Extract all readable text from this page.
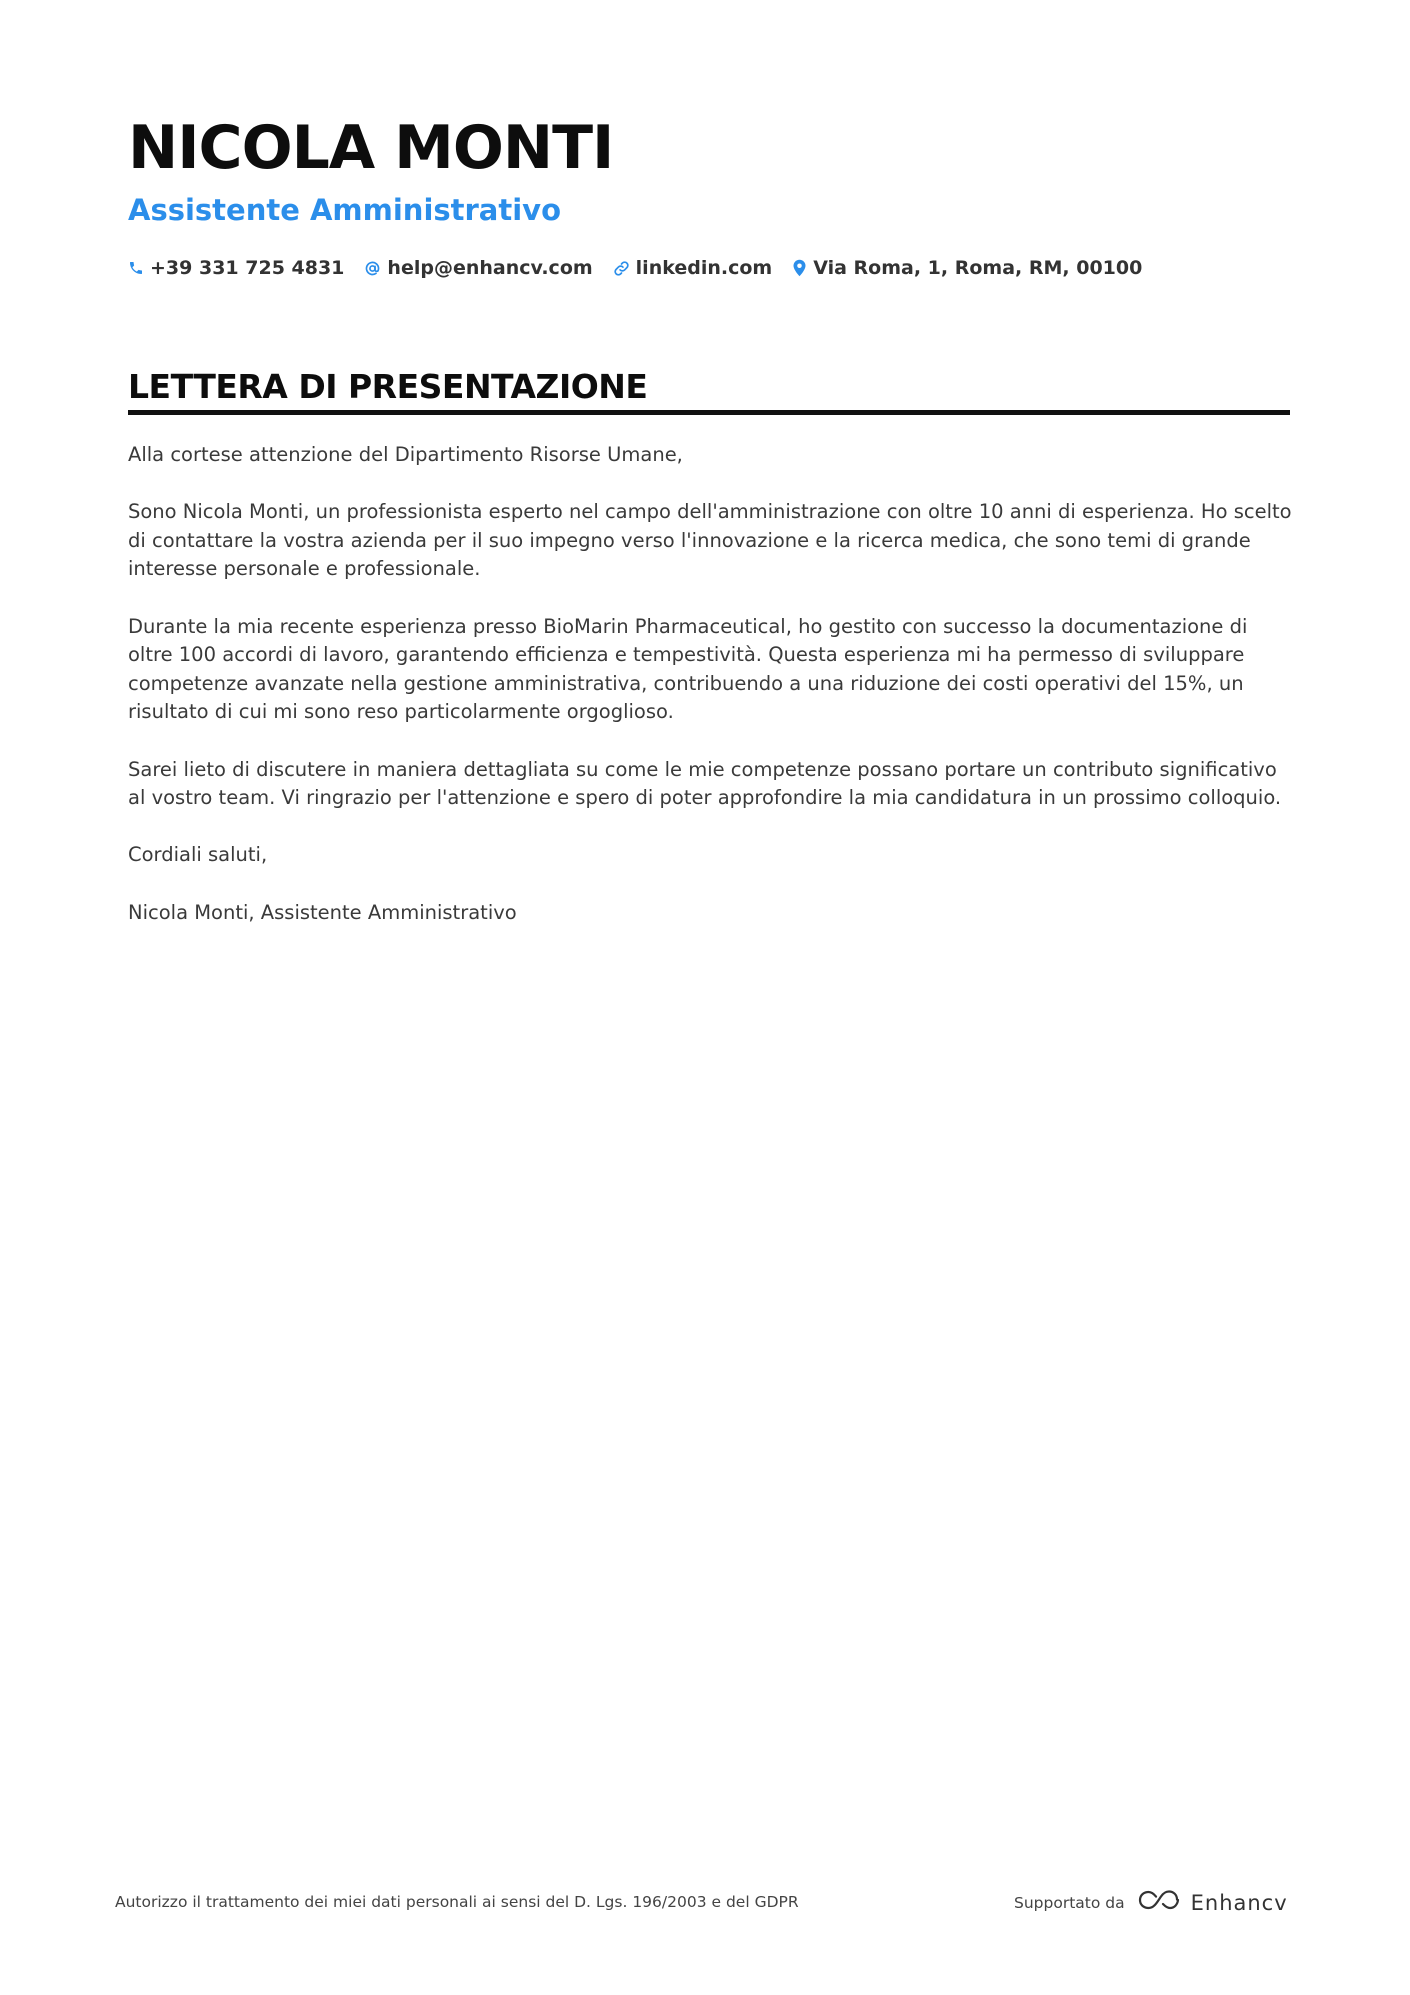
NICOLA MONTI
Assistente Amministrativo
+39 331 725 4831 help@enhancv.com linkedin.com Via Roma, 1, Roma, RM, 00100
LETTERA DI PRESENTAZIONE

Alla cortese attenzione del Dipartimento Risorse Umane,

Sono Nicola Monti, un professionista esperto nel campo dell'amministrazione con oltre 10 anni di esperienza. Ho scelto di contattare la vostra azienda per il suo impegno verso l'innovazione e la ricerca medica, che sono temi di grande interesse personale e professionale.

Durante la mia recente esperienza presso BioMarin Pharmaceutical, ho gestito con successo la documentazione di oltre 100 accordi di lavoro, garantendo efficienza e tempestività. Questa esperienza mi ha permesso di sviluppare competenze avanzate nella gestione amministrativa, contribuendo a una riduzione dei costi operativi del 15%, un risultato di cui mi sono reso particolarmente orgoglioso.

Sarei lieto di discutere in maniera dettagliata su come le mie competenze possano portare un contributo significativo al vostro team. Vi ringrazio per l'attenzione e spero di poter approfondire la mia candidatura in un prossimo colloquio.

Cordiali saluti,

Nicola Monti, Assistente Amministrativo

Autorizzo il trattamento dei miei dati personali ai sensi del D. Lgs. 196/2003 e del GDPR	Supportato da	Enhancv
